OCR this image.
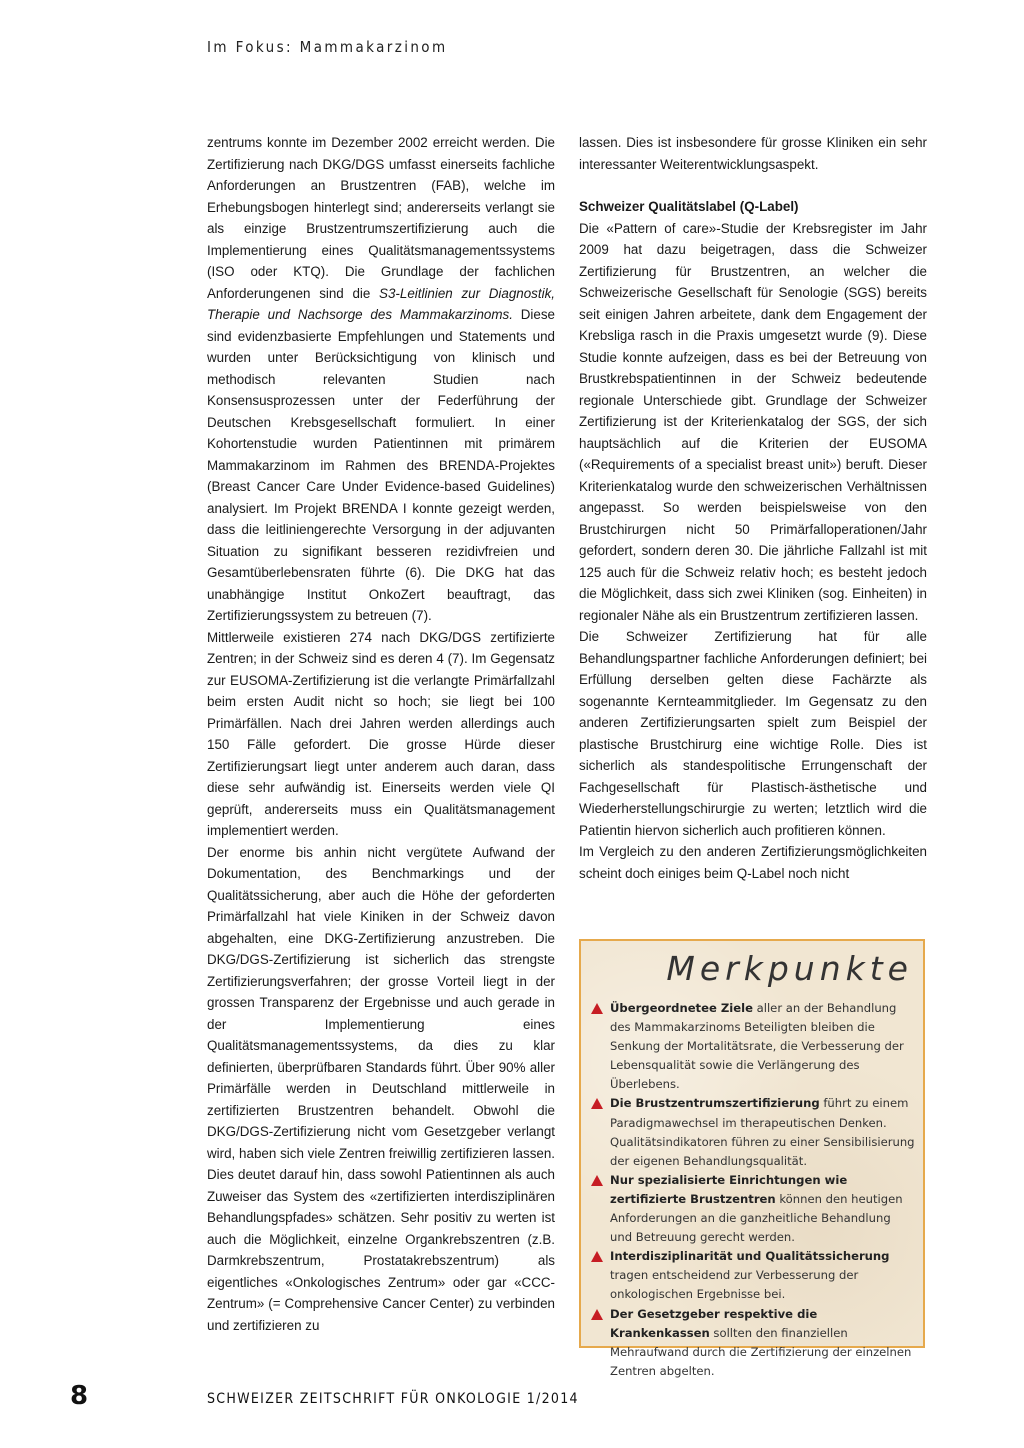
Im Fokus: Mammakarzinom

zentrums konnte im Dezember 2002 erreicht werden. Die Zertifizierung nach DKG/DGS umfasst einerseits fachliche Anforderungen an Brustzentren (FAB), welche im Erhebungsbogen hinterlegt sind; andererseits verlangt sie als einzige Brustzentrumszertifizierung auch die Implementierung eines Qualitätsmanagementssystems (ISO oder KTQ). Die Grundlage der fachlichen Anforderungenen sind die S3-Leitlinien zur Diagnostik, Therapie und Nachsorge des Mammakarzinoms. Diese sind evidenzbasierte Empfehlungen und Statements und wurden unter Berücksichtigung von klinisch und methodisch relevanten Studien nach Konsensusprozessen unter der Federführung der Deutschen Krebsgesellschaft formuliert. In einer Kohortenstudie wurden Patientinnen mit primärem Mammakarzinom im Rahmen des BRENDA-Projektes (Breast Cancer Care Under Evidence-based Guidelines) analysiert. Im Projekt BRENDA I konnte gezeigt werden, dass die leitliniengerechte Versorgung in der adjuvanten Situation zu signifikant besseren rezidivfreien und Gesamtüberlebensraten führte (6). Die DKG hat das unabhängige Institut OnkoZert beauftragt, das Zertifizierungssystem zu betreuen (7).

Mittlerweile existieren 274 nach DKG/DGS zertifizierte Zentren; in der Schweiz sind es deren 4 (7). Im Gegensatz zur EUSOMA-Zertifizierung ist die verlangte Primärfallzahl beim ersten Audit nicht so hoch; sie liegt bei 100 Primärfällen. Nach drei Jahren werden allerdings auch 150 Fälle gefordert. Die grosse Hürde dieser Zertifizierungsart liegt unter anderem auch daran, dass diese sehr aufwändig ist. Einerseits werden viele QI geprüft, andererseits muss ein Qualitätsmanagement implementiert werden.

Der enorme bis anhin nicht vergütete Aufwand der Dokumentation, des Benchmarkings und der Qualitätssicherung, aber auch die Höhe der geforderten Primärfallzahl hat viele Kiniken in der Schweiz davon abgehalten, eine DKG-Zertifizierung anzustreben. Die DKG/DGS-Zertifizierung ist sicherlich das strengste Zertifizierungsverfahren; der grosse Vorteil liegt in der grossen Transparenz der Ergebnisse und auch gerade in der Implementierung eines Qualitätsmanagementssystems, da dies zu klar definierten, überprüfbaren Standards führt. Über 90% aller Primärfälle werden in Deutschland mittlerweile in zertifizierten Brustzentren behandelt. Obwohl die DKG/DGS-Zertifizierung nicht vom Gesetzgeber verlangt wird, haben sich viele Zentren freiwillig zertifizieren lassen. Dies deutet darauf hin, dass sowohl Patientinnen als auch Zuweiser das System des «zertifizierten interdisziplinären Behandlungspfades» schätzen. Sehr positiv zu werten ist auch die Möglichkeit, einzelne Organkrebszentren (z.B. Darmkrebszentrum, Prostatakrebszentrum) als eigentliches «Onkologisches Zentrum» oder gar «CCC-Zentrum» (= Comprehensive Cancer Center) zu verbinden und zertifizieren zu

lassen. Dies ist insbesondere für grosse Kliniken ein sehr interessanter Weiterentwicklungsaspekt.

Schweizer Qualitätslabel (Q-Label)

Die «Pattern of care»-Studie der Krebsregister im Jahr 2009 hat dazu beigetragen, dass die Schweizer Zertifizierung für Brustzentren, an welcher die Schweizerische Gesellschaft für Senologie (SGS) bereits seit einigen Jahren arbeitete, dank dem Engagement der Krebsliga rasch in die Praxis umgesetzt wurde (9). Diese Studie konnte aufzeigen, dass es bei der Betreuung von Brustkrebspatientinnen in der Schweiz bedeutende regionale Unterschiede gibt. Grundlage der Schweizer Zertifizierung ist der Kriterienkatalog der SGS, der sich hauptsächlich auf die Kriterien der EUSOMA («Requirements of a specialist breast unit») beruft. Dieser Kriterienkatalog wurde den schweizerischen Verhältnissen angepasst. So werden beispielsweise von den Brustchirurgen nicht 50 Primärfalloperationen/Jahr gefordert, sondern deren 30. Die jährliche Fallzahl ist mit 125 auch für die Schweiz relativ hoch; es besteht jedoch die Möglichkeit, dass sich zwei Kliniken (sog. Einheiten) in regionaler Nähe als ein Brustzentrum zertifizieren lassen.

Die Schweizer Zertifizierung hat für alle Behandlungspartner fachliche Anforderungen definiert; bei Erfüllung derselben gelten diese Fachärzte als sogenannte Kernteammitglieder. Im Gegensatz zu den anderen Zertifizierungsarten spielt zum Beispiel der plastische Brustchirurg eine wichtige Rolle. Dies ist sicherlich als standespolitische Errungenschaft der Fachgesellschaft für Plastisch-ästhetische und Wiederherstellungschirurgie zu werten; letztlich wird die Patientin hiervon sicherlich auch profitieren können.

Im Vergleich zu den anderen Zertifizierungsmöglichkeiten scheint doch einiges beim Q-Label noch nicht

Merkpunkte
Übergeordnetee Ziele aller an der Behandlung des Mammakarzinoms Beteiligten bleiben die Senkung der Mortalitätsrate, die Verbesserung der Lebensqualität sowie die Verlängerung des Überlebens.
Die Brustzentrumszertifizierung führt zu einem Paradigmawechsel im therapeutischen Denken. Qualitätsindikatoren führen zu einer Sensibilisierung der eigenen Behandlungsqualität.
Nur spezialisierte Einrichtungen wie zertifizierte Brustzentren können den heutigen Anforderungen an die ganzheitliche Behandlung und Betreuung gerecht werden.
Interdisziplinarität und Qualitätssicherung tragen entscheidend zur Verbesserung der onkologischen Ergebnisse bei.
Der Gesetzgeber respektive die Krankenkassen sollten den finanziellen Mehraufwand durch die Zertifizierung der einzelnen Zentren abgelten.
8	SCHWEIZER ZEITSCHRIFT FÜR ONKOLOGIE 1/2014
